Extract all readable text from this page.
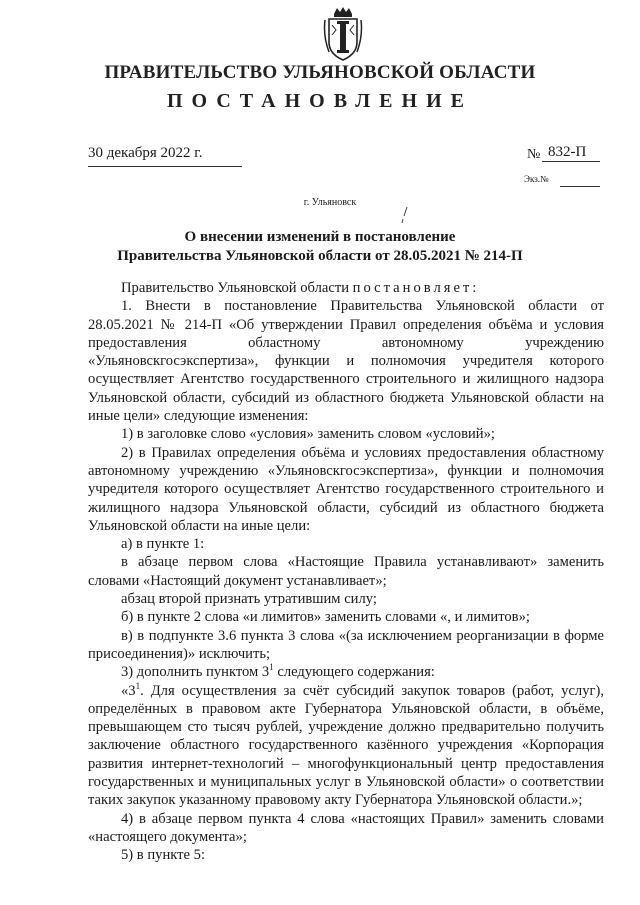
ПРАВИТЕЛЬСТВО УЛЬЯНОВСКОЙ ОБЛАСТИ
ПОСТАНОВЛЕНИЕ
30 декабря 2022 г.	№ 832-П
Экз.№
г. Ульяновск
О внесении изменений в постановление
Правительства Ульяновской области от 28.05.2021 № 214-П

Правительство Ульяновской области постановляет:

1. Внести в постановление Правительства Ульяновской области от 28.05.2021 № 214-П «Об утверждении Правил определения объёма и условия предоставления областному автономному учреждению «Ульяновскгосэкспертиза», функции и полномочия учредителя которого осуществляет Агентство государственного строительного и жилищного надзора Ульяновской области, субсидий из областного бюджета Ульяновской области на иные цели» следующие изменения:

1) в заголовке слово «условия» заменить словом «условий»;

2) в Правилах определения объёма и условиях предоставления областному автономному учреждению «Ульяновскгосэкспертиза», функции и полномочия учредителя которого осуществляет Агентство государственного строительного и жилищного надзора Ульяновской области, субсидий из областного бюджета Ульяновской области на иные цели:

а) в пункте 1:

в абзаце первом слова «Настоящие Правила устанавливают» заменить словами «Настоящий документ устанавливает»;

абзац второй признать утратившим силу;

б) в пункте 2 слова «и лимитов» заменить словами «, и лимитов»;

в) в подпункте 3.6 пункта 3 слова «(за исключением реорганизации в форме присоединения)» исключить;

3) дополнить пунктом $3^1$ следующего содержания:

«$3^1$. Для осуществления за счёт субсидий закупок товаров (работ, услуг), определённых в правовом акте Губернатора Ульяновской области, в объёме, превышающем сто тысяч рублей, учреждение должно предварительно получить заключение областного государственного казённого учреждения «Корпорация развития интернет-технологий – многофункциональный центр предоставления государственных и муниципальных услуг в Ульяновской области» о соответствии таких закупок указанному правовому акту Губернатора Ульяновской области.»;

4) в абзаце первом пункта 4 слова «настоящих Правил» заменить словами «настоящего документа»;

5) в пункте 5:
